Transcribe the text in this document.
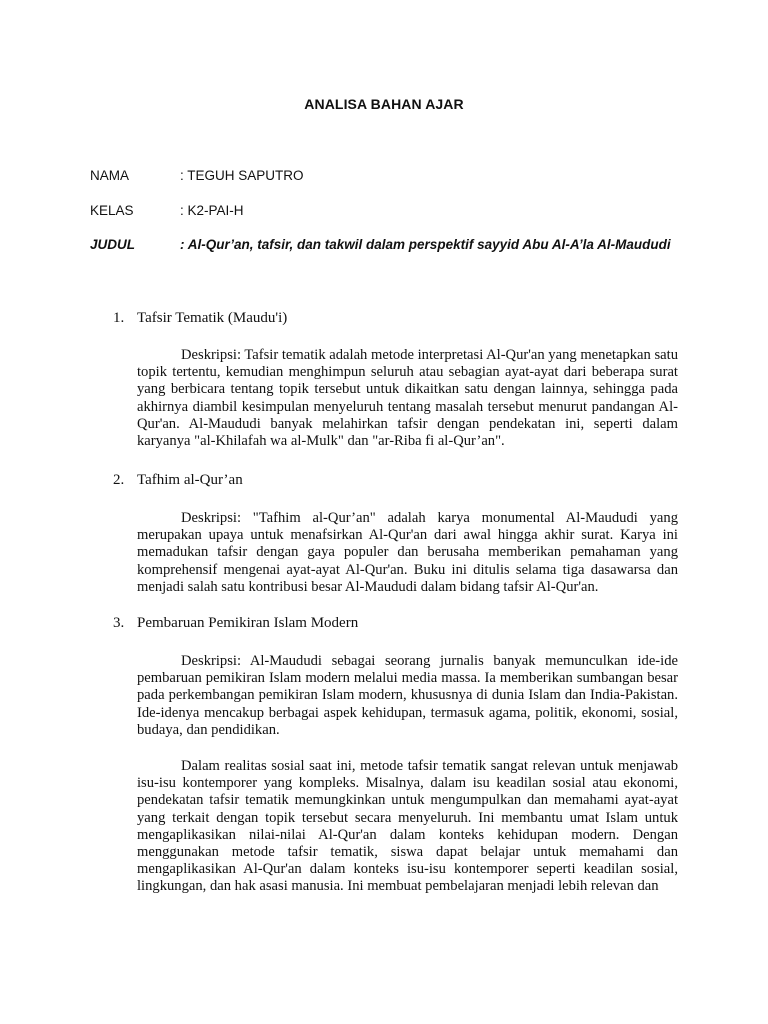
ANALISA BAHAN AJAR
NAMA	: TEGUH SAPUTRO
KELAS	: K2-PAI-H
JUDUL	: Al-Qur’an, tafsir, dan takwil dalam perspektif sayyid Abu Al-A’la Al-Maududi
1. Tafsir Tematik (Maudu'i)

Deskripsi: Tafsir tematik adalah metode interpretasi Al-Qur'an yang menetapkan satu topik tertentu, kemudian menghimpun seluruh atau sebagian ayat-ayat dari beberapa surat yang berbicara tentang topik tersebut untuk dikaitkan satu dengan lainnya, sehingga pada akhirnya diambil kesimpulan menyeluruh tentang masalah tersebut menurut pandangan Al-Qur'an. Al-Maududi banyak melahirkan tafsir dengan pendekatan ini, seperti dalam karyanya "al-Khilafah wa al-Mulk" dan "ar-Riba fi al-Qur’an".

2. Tafhim al-Qur’an

Deskripsi: "Tafhim al-Qur’an" adalah karya monumental Al-Maududi yang merupakan upaya untuk menafsirkan Al-Qur'an dari awal hingga akhir surat. Karya ini memadukan tafsir dengan gaya populer dan berusaha memberikan pemahaman yang komprehensif mengenai ayat-ayat Al-Qur'an. Buku ini ditulis selama tiga dasawarsa dan menjadi salah satu kontribusi besar Al-Maududi dalam bidang tafsir Al-Qur'an.

3. Pembaruan Pemikiran Islam Modern

Deskripsi: Al-Maududi sebagai seorang jurnalis banyak memunculkan ide-ide pembaruan pemikiran Islam modern melalui media massa. Ia memberikan sumbangan besar pada perkembangan pemikiran Islam modern, khususnya di dunia Islam dan India-Pakistan. Ide-idenya mencakup berbagai aspek kehidupan, termasuk agama, politik, ekonomi, sosial, budaya, dan pendidikan.

Dalam realitas sosial saat ini, metode tafsir tematik sangat relevan untuk menjawab isu-isu kontemporer yang kompleks. Misalnya, dalam isu keadilan sosial atau ekonomi, pendekatan tafsir tematik memungkinkan untuk mengumpulkan dan memahami ayat-ayat yang terkait dengan topik tersebut secara menyeluruh. Ini membantu umat Islam untuk mengaplikasikan nilai-nilai Al-Qur'an dalam konteks kehidupan modern. Dengan menggunakan metode tafsir tematik, siswa dapat belajar untuk memahami dan mengaplikasikan Al-Qur'an dalam konteks isu-isu kontemporer seperti keadilan sosial, lingkungan, dan hak asasi manusia. Ini membuat pembelajaran menjadi lebih relevan dan
